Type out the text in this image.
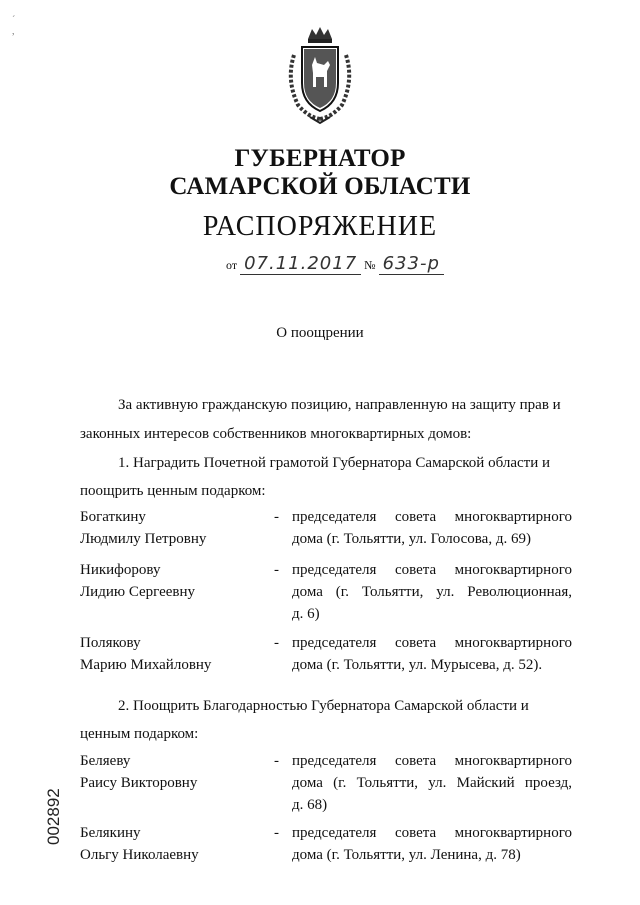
´
,
ГУБЕРНАТОР
САМАРСКОЙ ОБЛАСТИ
РАСПОРЯЖЕНИЕ
от 07.11.2017 № 633-р
О поощрении
За активную гражданскую позицию, направленную на защиту прав и
законных интересов собственников многоквартирных домов:
1. Наградить Почетной грамотой Губернатора Самарской области и
поощрить ценным подарком:
Богаткину
Людмилу Петровну
- председателя совета многоквартирного
дома (г. Тольятти, ул. Голосова, д. 69)
Никифорову
Лидию Сергеевну
- председателя совета многоквартирного
дома (г. Тольятти, ул. Революционная,
д. 6)
Полякову
Марию Михайловну
- председателя совета многоквартирного
дома (г. Тольятти, ул. Мурысева, д. 52).
2. Поощрить Благодарностью Губернатора Самарской области и
ценным подарком:
Беляеву
Раису Викторовну
- председателя совета многоквартирного
дома (г. Тольятти, ул. Майский проезд,
д. 68)
Белякину
Ольгу Николаевну
- председателя совета многоквартирного
дома (г. Тольятти, ул. Ленина, д. 78)
002892
